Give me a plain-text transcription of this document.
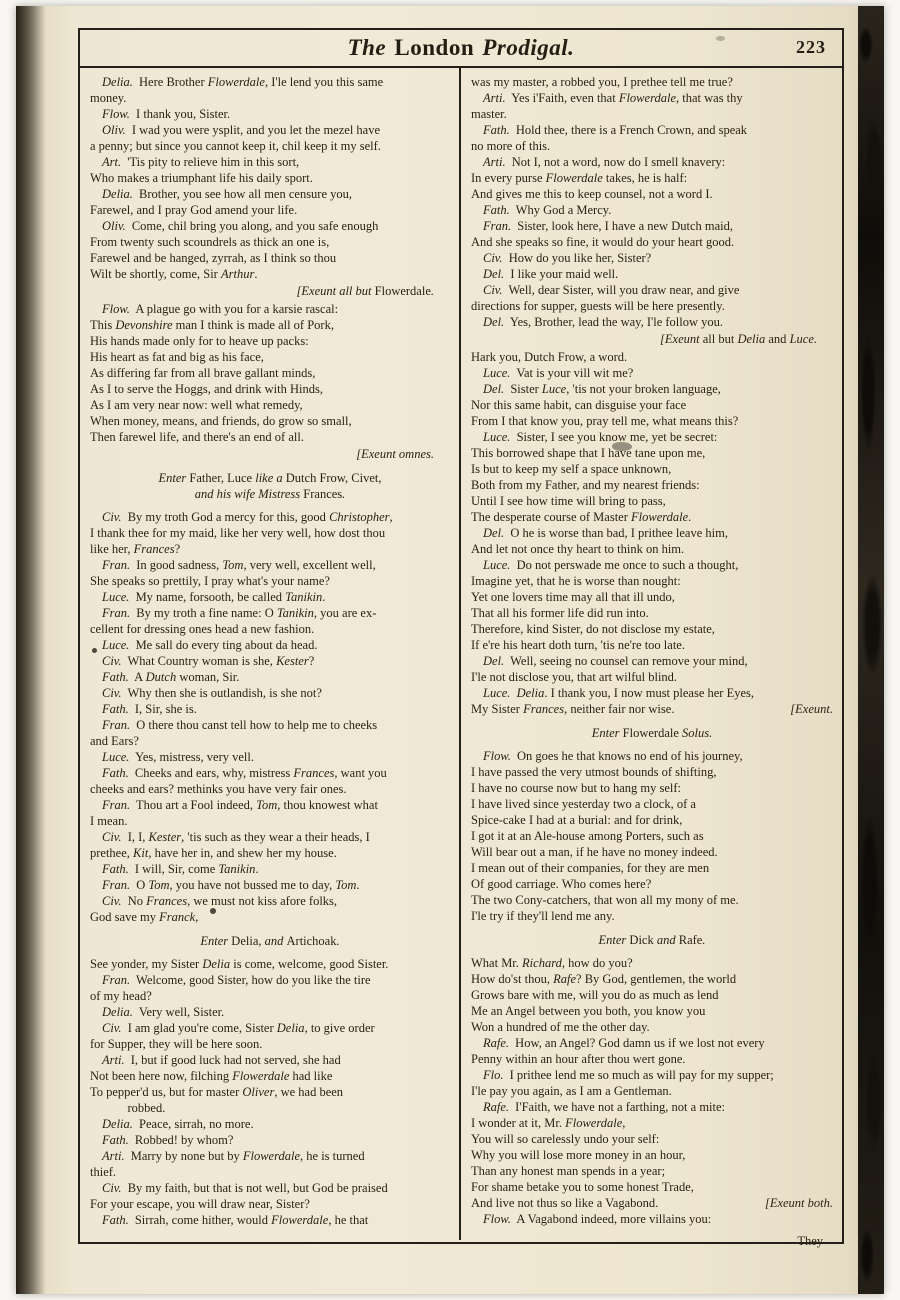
The London Prodigal.	223
Delia. Here Brother Flowerdale, I'le lend you this same
money.
Flow. I thank you, Sister.
Oliv. I wad you were ysplit, and you let the mezel have
a penny; but since you cannot keep it, chil keep it my self.
Art. 'Tis pity to relieve him in this sort,
Who makes a triumphant life his daily sport.
Delia. Brother, you see how all men censure you,
Farewel, and I pray God amend your life.
Oliv. Come, chil bring you along, and you safe enough
From twenty such scoundrels as thick an one is,
Farewel and be hanged, zyrrah, as I think so thou
Wilt be shortly, come, Sir Arthur.
[Exeunt all but Flowerdale.
Flow. A plague go with you for a karsie rascal:
This Devonshire man I think is made all of Pork,
His hands made only for to heave up packs:
His heart as fat and big as his face,
As differing far from all brave gallant minds,
As I to serve the Hoggs, and drink with Hinds,
As I am very near now: well what remedy,
When money, means, and friends, do grow so small,
Then farewel life, and there's an end of all.
[Exeunt omnes.
Enter Father, Luce like a Dutch Frow, Civet,
and his wife Mistress Frances.
Civ. By my troth God a mercy for this, good Christopher,
I thank thee for my maid, like her very well, how dost thou
like her, Frances?
Fran. In good sadness, Tom, very well, excellent well,
She speaks so prettily, I pray what's your name?
Luce. My name, forsooth, be called Tanikin.
Fran. By my troth a fine name: O Tanikin, you are ex-
cellent for dressing ones head a new fashion.
Luce. Me sall do every ting about da head.
Civ. What Country woman is she, Kester?
Fath. A Dutch woman, Sir.
Civ. Why then she is outlandish, is she not?
Fath. I, Sir, she is.
Fran. O there thou canst tell how to help me to cheeks
and Ears?
Luce. Yes, mistress, very vell.
Fath. Cheeks and ears, why, mistress Frances, want you
cheeks and ears? methinks you have very fair ones.
Fran. Thou art a Fool indeed, Tom, thou knowest what
I mean.
Civ. I, I, Kester, 'tis such as they wear a their heads, I
prethee, Kit, have her in, and shew her my house.
Fath. I will, Sir, come Tanikin.
Fran. O Tom, you have not bussed me to day, Tom.
Civ. No Frances, we must not kiss afore folks,
God save my Franck,
Enter Delia, and Artichoak.
See yonder, my Sister Delia is come, welcome, good Sister.
Fran. Welcome, good Sister, how do you like the tire
of my head?
Delia. Very well, Sister.
Civ. I am glad you're come, Sister Delia, to give order
for Supper, they will be here soon.
Arti. I, but if good luck had not served, she had
Not been here now, filching Flowerdale had like
To pepper'd us, but for master Oliver, we had been
   robbed.
Delia. Peace, sirrah, no more.
Fath. Robbed! by whom?
Arti. Marry by none but by Flowerdale, he is turned
thief.
Civ. By my faith, but that is not well, but God be praised
For your escape, you will draw near, Sister?
Fath. Sirrah, come hither, would Flowerdale, he that
was my master, a robbed you, I prethee tell me true?
Arti. Yes i'Faith, even that Flowerdale, that was thy
master.
Fath. Hold thee, there is a French Crown, and speak
no more of this.
Arti. Not I, not a word, now do I smell knavery:
In every purse Flowerdale takes, he is half:
And gives me this to keep counsel, not a word I.
Fath. Why God a Mercy.
Fran. Sister, look here, I have a new Dutch maid,
And she speaks so fine, it would do your heart good.
Civ. How do you like her, Sister?
Del. I like your maid well.
Civ. Well, dear Sister, will you draw near, and give
directions for supper, guests will be here presently.
Del. Yes, Brother, lead the way, I'le follow you.
[Exeunt all but Delia and Luce.
Hark you, Dutch Frow, a word.
Luce. Vat is your vill wit me?
Del. Sister Luce, 'tis not your broken language,
Nor this same habit, can disguise your face
From I that know you, pray tell me, what means this?
Luce. Sister, I see you know me, yet be secret:
This borrowed shape that I have tane upon me,
Is but to keep my self a space unknown,
Both from my Father, and my nearest friends:
Until I see how time will bring to pass,
The desperate course of Master Flowerdale.
Del. O he is worse than bad, I prithee leave him,
And let not once thy heart to think on him.
Luce. Do not perswade me once to such a thought,
Imagine yet, that he is worse than nought:
Yet one lovers time may all that ill undo,
That all his former life did run into.
Therefore, kind Sister, do not disclose my estate,
If e're his heart doth turn, 'tis ne're too late.
Del. Well, seeing no counsel can remove your mind,
I'le not disclose you, that art wilful blind.
Luce. Delia. I thank you, I now must please her Eyes,
[Exeunt.
My Sister Frances, neither fair nor wise.
Enter Flowerdale Solus.
Flow. On goes he that knows no end of his journey,
I have passed the very utmost bounds of shifting,
I have no course now but to hang my self:
I have lived since yesterday two a clock, of a
Spice-cake I had at a burial: and for drink,
I got it at an Ale-house among Porters, such as
Will bear out a man, if he have no money indeed.
I mean out of their companies, for they are men
Of good carriage. Who comes here?
The two Cony-catchers, that won all my mony of me.
I'le try if they'll lend me any.
Enter Dick and Rafe.
What Mr. Richard, how do you?
How do'st thou, Rafe? By God, gentlemen, the world
Grows bare with me, will you do as much as lend
Me an Angel between you both, you know you
Won a hundred of me the other day.
Rafe. How, an Angel? God damn us if we lost not every
Penny within an hour after thou wert gone.
Flo. I prithee lend me so much as will pay for my supper;
I'le pay you again, as I am a Gentleman.
Rafe. I'Faith, we have not a farthing, not a mite:
I wonder at it, Mr. Flowerdale,
You will so carelessly undo your self:
Why you will lose more money in an hour,
Than any honest man spends in a year;
For shame betake you to some honest Trade,
[Exeunt both.
And live not thus so like a Vagabond.
Flow. A Vagabond indeed, more villains you:
They
